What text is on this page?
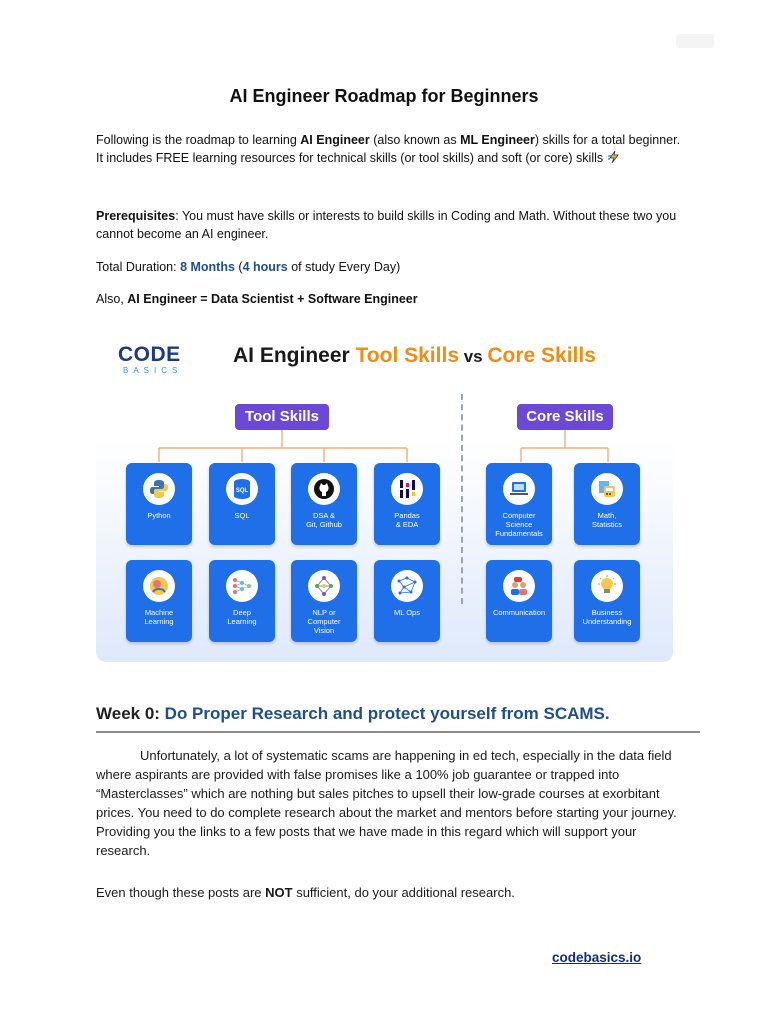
AI Engineer Roadmap for Beginners
Following is the roadmap to learning AI Engineer (also known as ML Engineer) skills for a total beginner. It includes FREE learning resources for technical skills (or tool skills) and soft (or core) skills
Prerequisites: You must have skills or interests to build skills in Coding and Math. Without these two you cannot become an AI engineer.
Total Duration: 8 Months (4 hours of study Every Day)
Also, AI Engineer = Data Scientist + Software Engineer
CODE
BASICS
AI Engineer Tool Skills vs Core Skills
Tool Skills	Core Skills
Python
SQL
SQL	DSA &
Git, Github
Pandas
& EDA
Machine
Learning
Deep
Learning
NLP or
Computer
Vision
ML Ops
Computer
Science
Fundamentals
Math,
Statistics
Communication	Business
Understanding
Week 0: Do Proper Research and protect yourself from SCAMS.
Unfortunately, a lot of systematic scams are happening in ed tech, especially in the data field where aspirants are provided with false promises like a 100% job guarantee or trapped into “Masterclasses” which are nothing but sales pitches to upsell their low-grade courses at exorbitant prices. You need to do complete research about the market and mentors before starting your journey. Providing you the links to a few posts that we have made in this regard which will support your research.
Even though these posts are NOT sufficient, do your additional research.
codebasics.io
